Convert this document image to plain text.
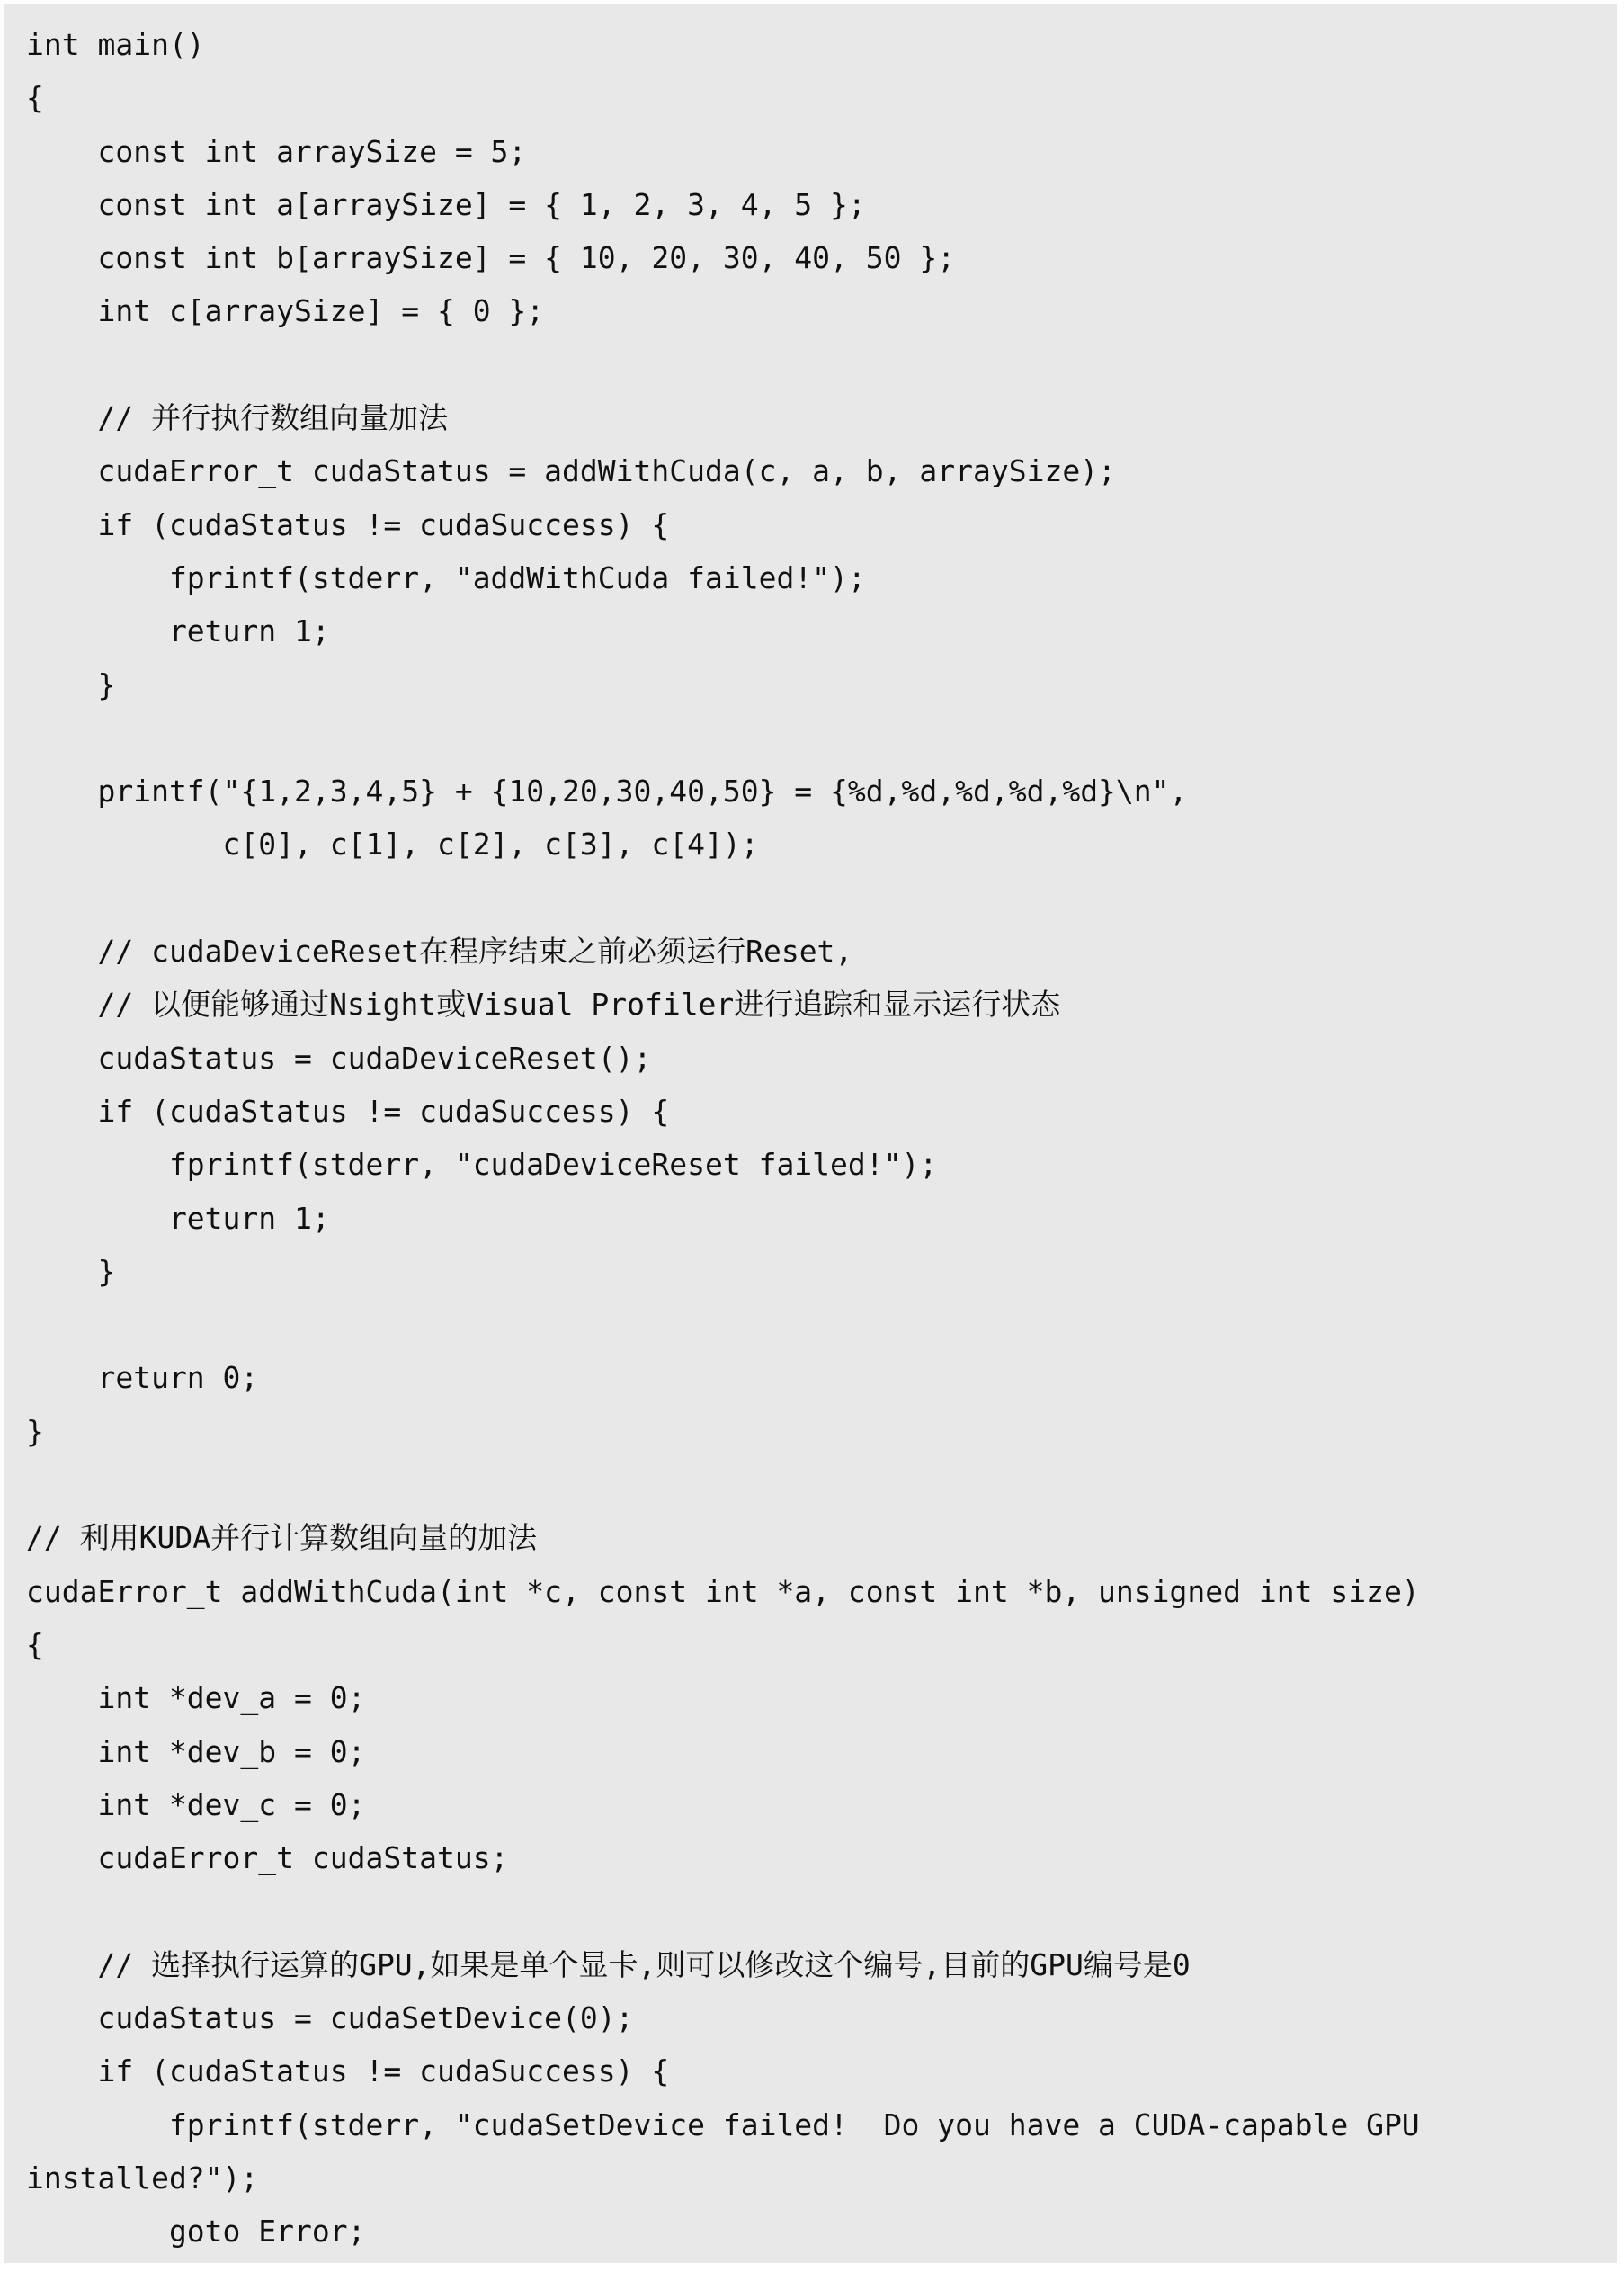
int main()
{
const int arraySize = 5;
const int a[arraySize] = { 1, 2, 3, 4, 5 };
const int b[arraySize] = { 10, 20, 30, 40, 50 };
int c[arraySize] = { 0 };
// 并行执行数组向量加法
cudaError_t cudaStatus = addWithCuda(c, a, b, arraySize);
if (cudaStatus != cudaSuccess) {
fprintf(stderr, "addWithCuda failed!");
return 1;
}
printf("{1,2,3,4,5} + {10,20,30,40,50} = {%d,%d,%d,%d,%d}\n",
c[0], c[1], c[2], c[3], c[4]);
// cudaDeviceReset在程序结束之前必须运行Reset,
// 以便能够通过Nsight或Visual Profiler进行追踪和显示运行状态
cudaStatus = cudaDeviceReset();
if (cudaStatus != cudaSuccess) {
fprintf(stderr, "cudaDeviceReset failed!");
return 1;
}
return 0;
}
// 利用KUDA并行计算数组向量的加法
cudaError_t addWithCuda(int *c, const int *a, const int *b, unsigned int size)
{
int *dev_a = 0;
int *dev_b = 0;
int *dev_c = 0;
cudaError_t cudaStatus;
// 选择执行运算的GPU,如果是单个显卡,则可以修改这个编号,目前的GPU编号是0
cudaStatus = cudaSetDevice(0);
if (cudaStatus != cudaSuccess) {
fprintf(stderr, "cudaSetDevice failed!  Do you have a CUDA-capable GPU
installed?");
goto Error;
